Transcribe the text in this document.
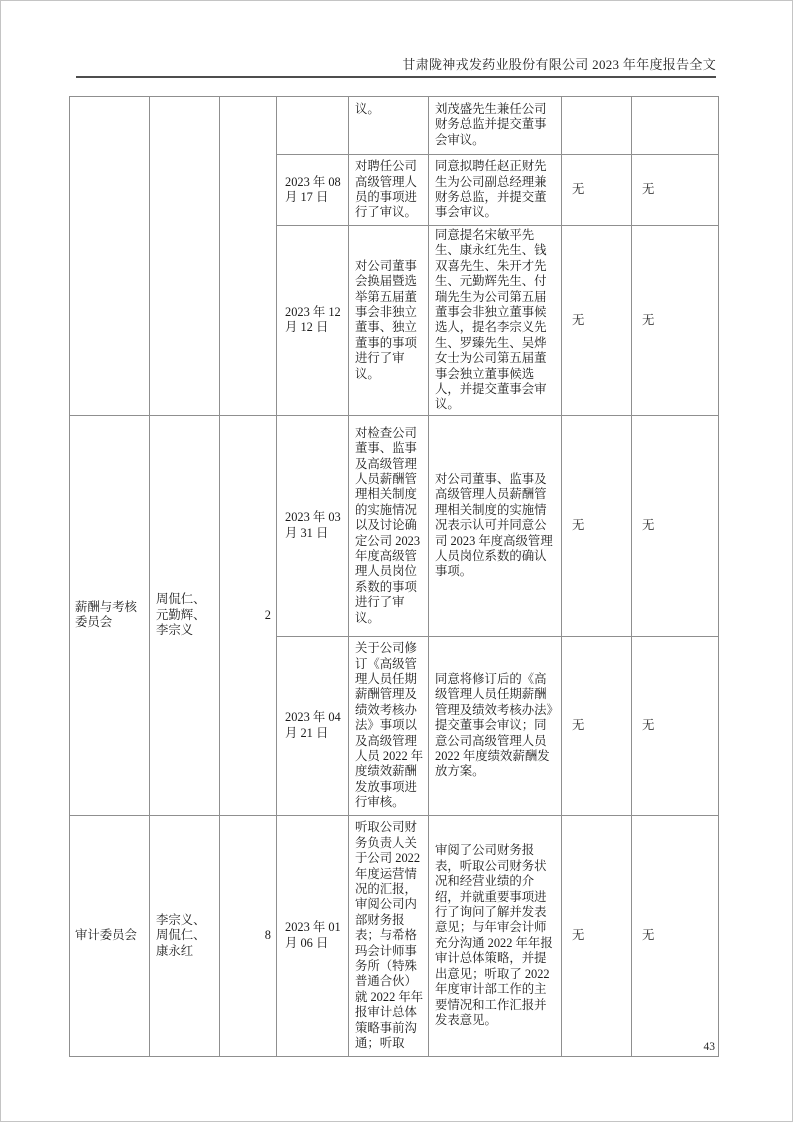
甘肃陇神戎发药业股份有限公司 2023 年年度报告全文
				议。	刘茂盛先生兼任公司财务总监并提交董事会审议。		
			2023 年 08 月 17 日	对聘任公司高级管理人员的事项进行了审议。	同意拟聘任赵正财先生为公司副总经理兼财务总监，并提交董事会审议。	无	无
			2023 年 12 月 12 日	对公司董事会换届暨选举第五届董事会非独立董事、独立董事的事项进行了审议。	同意提名宋敏平先生、康永红先生、钱双喜先生、朱开才先生、元勤辉先生、付瑞先生为公司第五届董事会非独立董事候选人，提名李宗义先生、罗臻先生、吴烨女士为公司第五届董事会独立董事候选人，并提交董事会审议。	无	无
薪酬与考核委员会	周侃仁、元勤辉、李宗义	2	2023 年 03 月 31 日	对检查公司董事、监事及高级管理人员薪酬管理相关制度的实施情况以及讨论确定公司 2023 年度高级管理人员岗位系数的事项进行了审议。	对公司董事、监事及高级管理人员薪酬管理相关制度的实施情况表示认可并同意公司 2023 年度高级管理人员岗位系数的确认事项。	无	无
			2023 年 04 月 21 日	关于公司修订《高级管理人员任期薪酬管理及绩效考核办法》事项以及高级管理人员 2022 年度绩效薪酬发放事项进行审核。	同意将修订后的《高级管理人员任期薪酬管理及绩效考核办法》提交董事会审议；同意公司高级管理人员 2022 年度绩效薪酬发放方案。	无	无
审计委员会	李宗义、周侃仁、康永红	8	2023 年 01 月 06 日	听取公司财务负责人关于公司 2022 年度运营情况的汇报，审阅公司内部财务报表；与希格玛会计师事务所（特殊普通合伙）就 2022 年年报审计总体策略事前沟通；听取	审阅了公司财务报表，听取公司财务状况和经营业绩的介绍，并就重要事项进行了询问了解并发表意见；与年审会计师充分沟通 2022 年年报审计总体策略，并提出意见；听取了 2022 年度审计部工作的主要情况和工作汇报并发表意见。	无	无
43
